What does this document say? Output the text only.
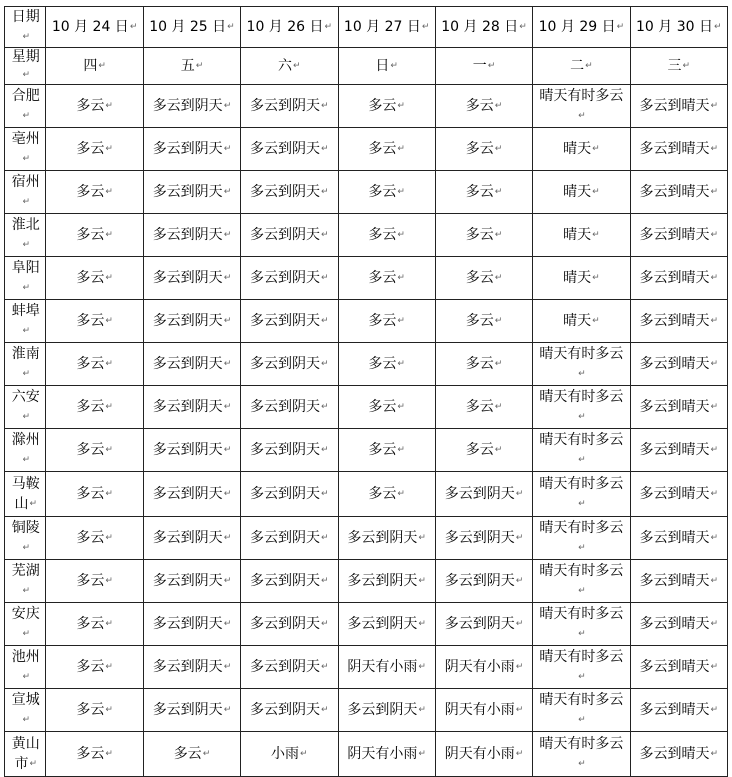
日期↵	10 月 24 日↵	10 月 25 日↵	10 月 26 日↵	10 月 27 日↵	10 月 28 日↵	10 月 29 日↵	10 月 30 日↵
星期↵	四↵	五↵	六↵	日↵	一↵	二↵	三↵
合肥↵	多云↵	多云到阴天↵	多云到阴天↵	多云↵	多云↵	晴天有时多云↵	多云到晴天↵
亳州↵	多云↵	多云到阴天↵	多云到阴天↵	多云↵	多云↵	晴天↵	多云到晴天↵
宿州↵	多云↵	多云到阴天↵	多云到阴天↵	多云↵	多云↵	晴天↵	多云到晴天↵
淮北↵	多云↵	多云到阴天↵	多云到阴天↵	多云↵	多云↵	晴天↵	多云到晴天↵
阜阳↵	多云↵	多云到阴天↵	多云到阴天↵	多云↵	多云↵	晴天↵	多云到晴天↵
蚌埠↵	多云↵	多云到阴天↵	多云到阴天↵	多云↵	多云↵	晴天↵	多云到晴天↵
淮南↵	多云↵	多云到阴天↵	多云到阴天↵	多云↵	多云↵	晴天有时多云↵	多云到晴天↵
六安↵	多云↵	多云到阴天↵	多云到阴天↵	多云↵	多云↵	晴天有时多云↵	多云到晴天↵
滁州↵	多云↵	多云到阴天↵	多云到阴天↵	多云↵	多云↵	晴天有时多云↵	多云到晴天↵
马鞍山↵	多云↵	多云到阴天↵	多云到阴天↵	多云↵	多云到阴天↵	晴天有时多云↵	多云到晴天↵
铜陵↵	多云↵	多云到阴天↵	多云到阴天↵	多云到阴天↵	多云到阴天↵	晴天有时多云↵	多云到晴天↵
芜湖↵	多云↵	多云到阴天↵	多云到阴天↵	多云到阴天↵	多云到阴天↵	晴天有时多云↵	多云到晴天↵
安庆↵	多云↵	多云到阴天↵	多云到阴天↵	多云到阴天↵	多云到阴天↵	晴天有时多云↵	多云到晴天↵
池州↵	多云↵	多云到阴天↵	多云到阴天↵	阴天有小雨↵	阴天有小雨↵	晴天有时多云↵	多云到晴天↵
宣城↵	多云↵	多云到阴天↵	多云到阴天↵	多云到阴天↵	阴天有小雨↵	晴天有时多云↵	多云到晴天↵
黄山市↵	多云↵	多云↵	小雨↵	阴天有小雨↵	阴天有小雨↵	晴天有时多云↵	多云到晴天↵
